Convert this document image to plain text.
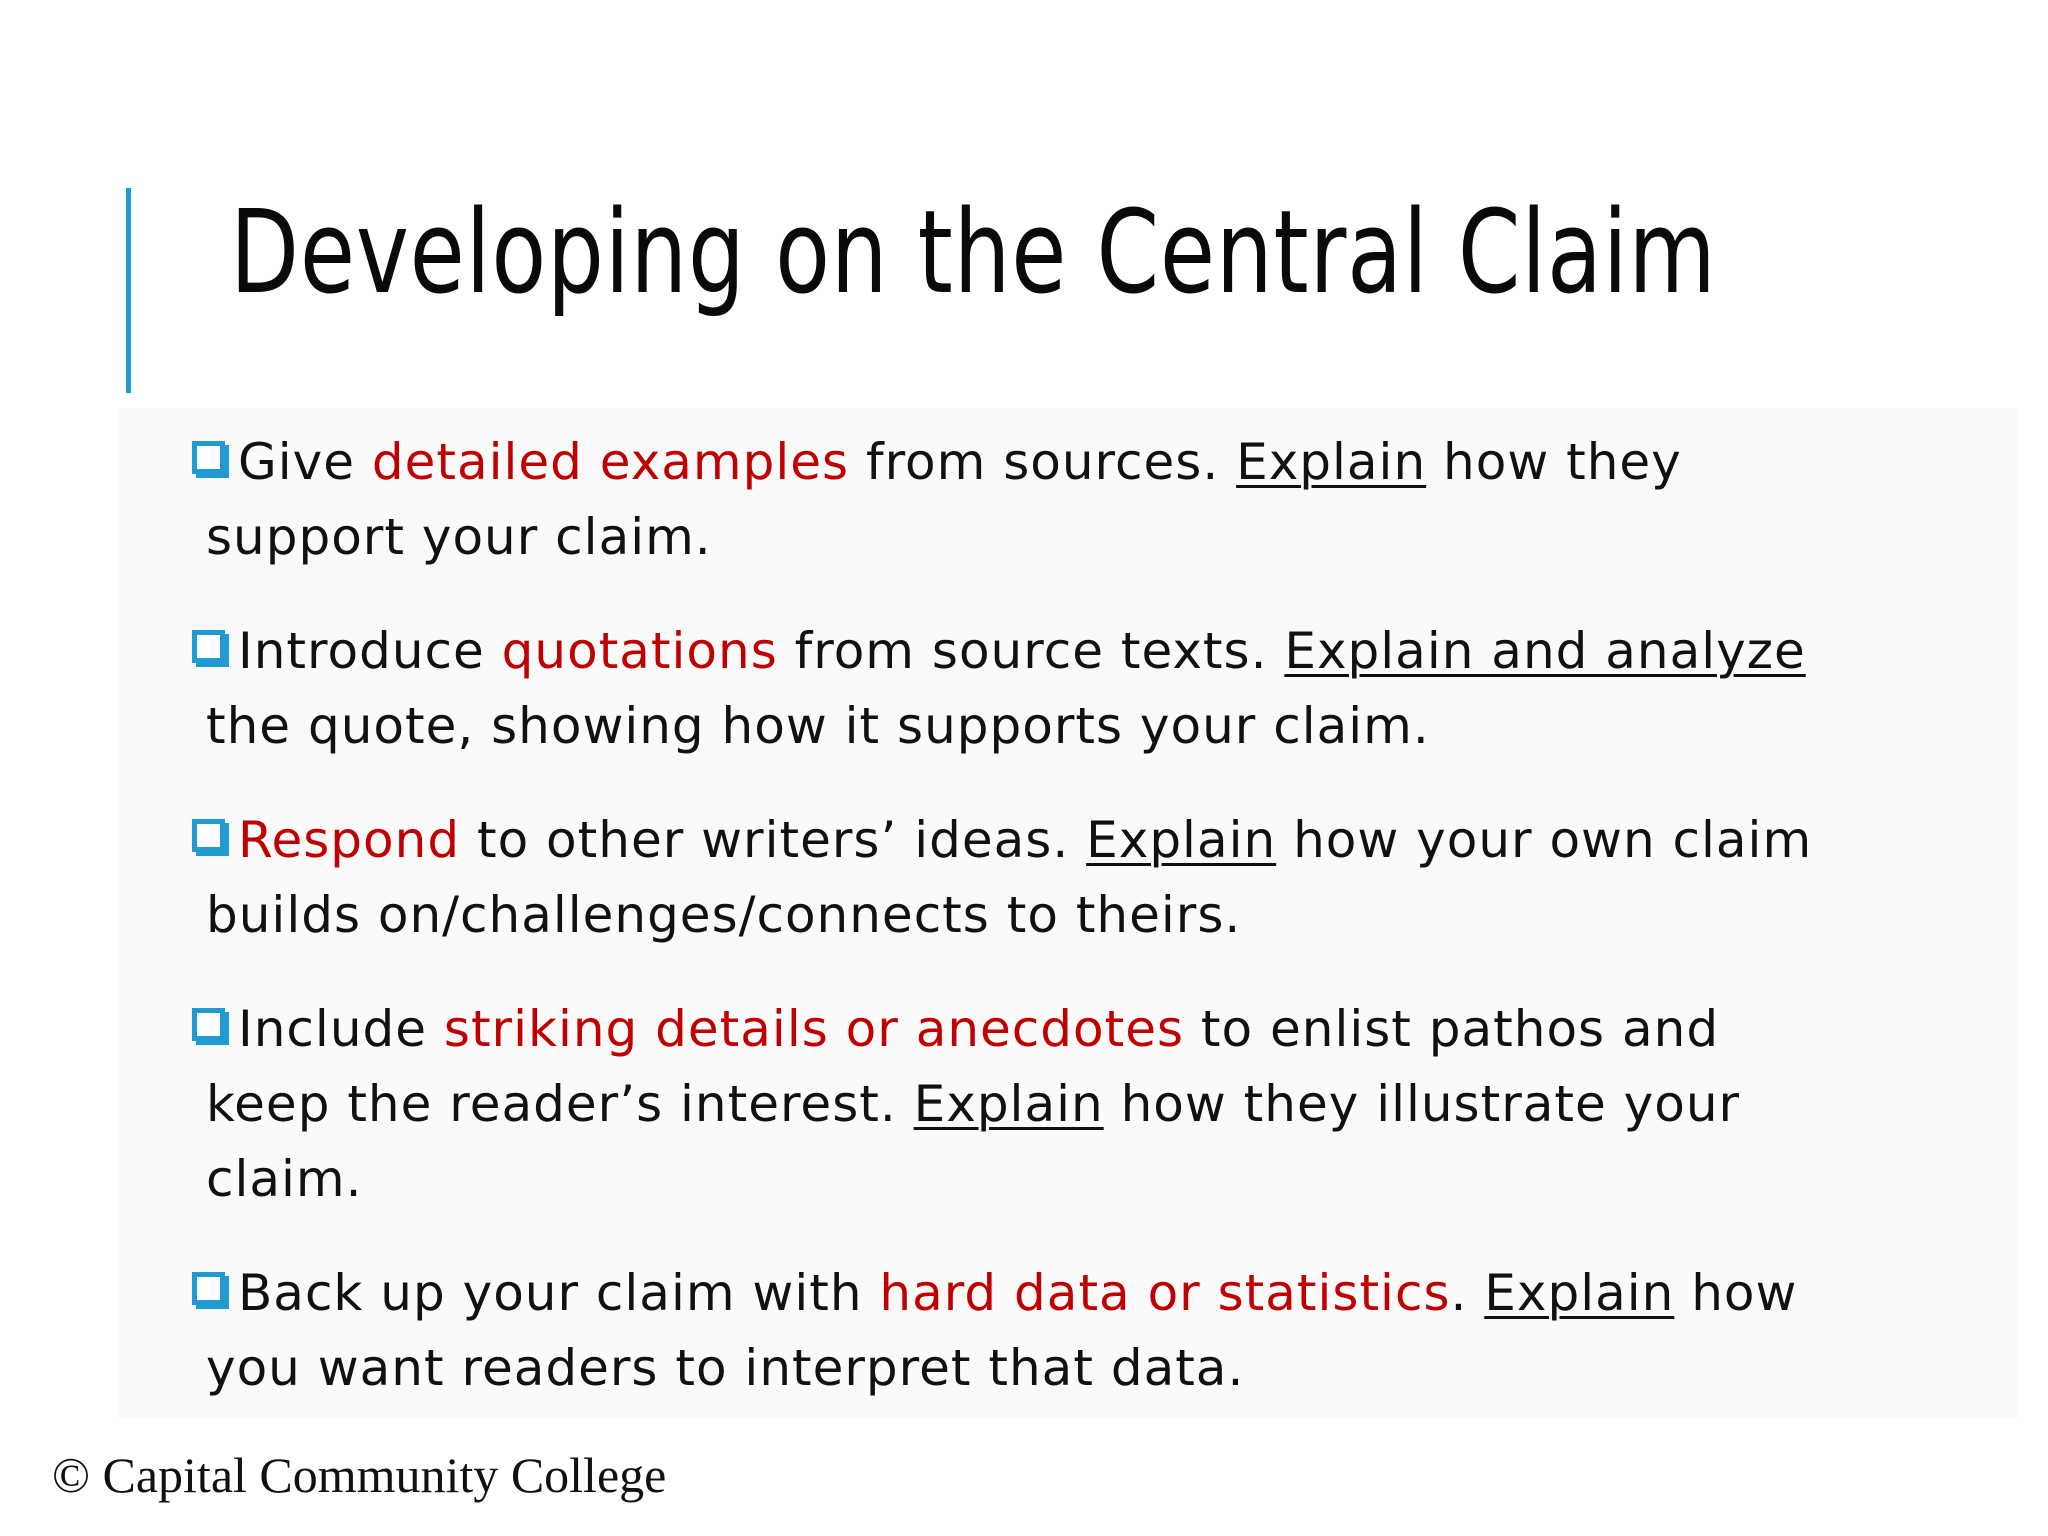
Developing on the Central Claim
Give detailed examples from sources. Explain how they support your claim.
Introduce quotations from source texts. Explain and analyze the quote, showing how it supports your claim.
Respond to other writers’ ideas. Explain how your own claim builds on/challenges/connects to theirs.
Include striking details or anecdotes to enlist pathos and keep the reader’s interest. Explain how they illustrate your claim.
Back up your claim with hard data or statistics. Explain how you want readers to interpret that data.
© Capital Community College
